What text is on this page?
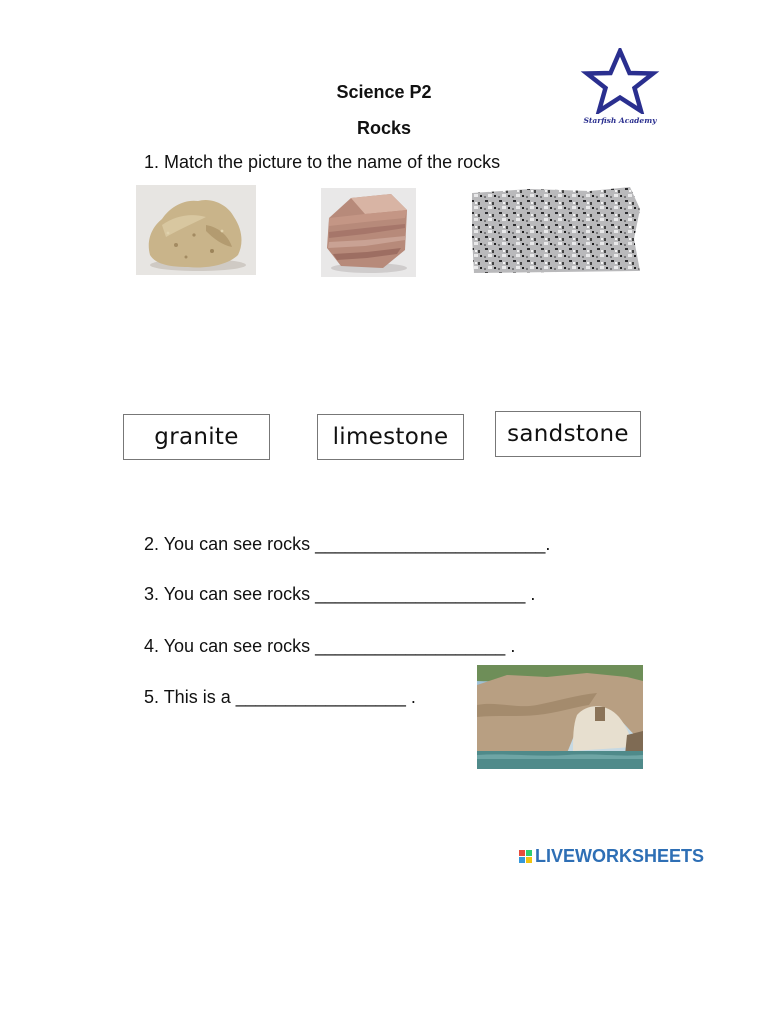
Science P2
Rocks	Starfish Academy
1. Match the picture to the name of the rocks
granite	limestone	sandstone
2. You can see rocks _______________________.
3. You can see rocks _____________________ .
4. You can see rocks ___________________ .
5. This is a _________________ .
LIVEWORKSHEETS
